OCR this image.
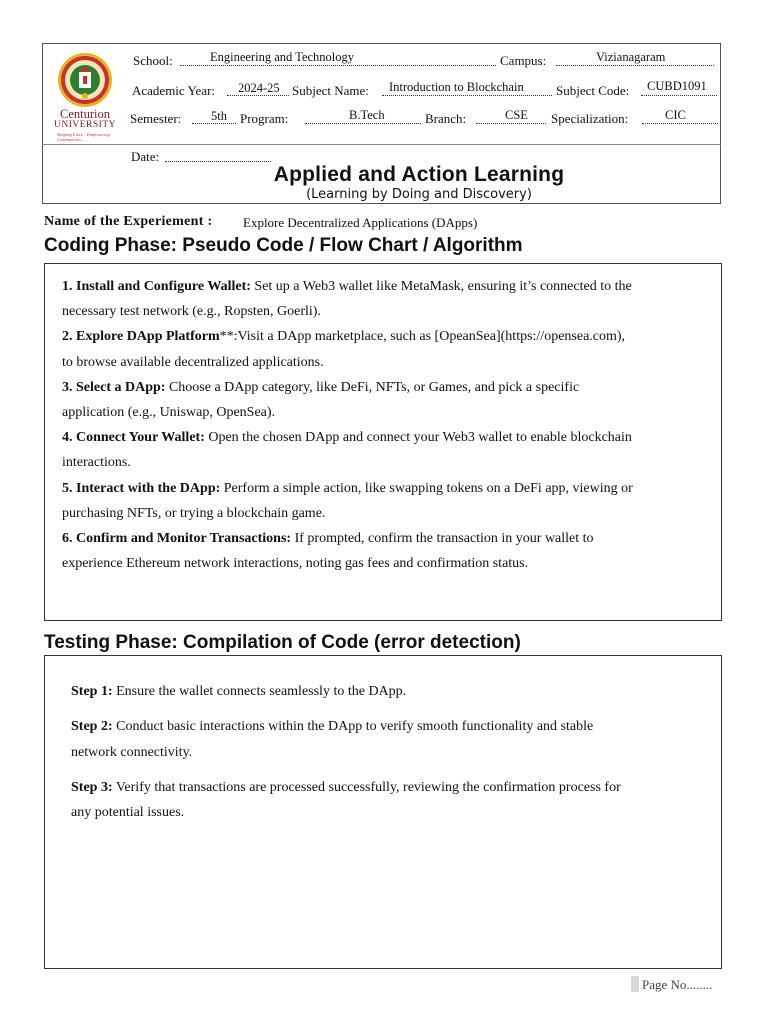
Centurion
UNIVERSITY
Shaping Lives... Empowering Communities...
School:	Engineering and Technology	Campus:	Vizianagaram
Academic Year: 2024-25 Subject Name: Introduction to Blockchain Subject Code: CUBD1091
Semester: 5th Program:	B.Tech	Branch:	CSE Specialization:	CIC
Date:
Applied and Action Learning
(Learning by Doing and Discovery)
Name of the Experiement : Explore Decentralized Applications (DApps)
Coding Phase: Pseudo Code / Flow Chart / Algorithm
1. Install and Configure Wallet: Set up a Web3 wallet like MetaMask, ensuring it’s connected to the
necessary test network (e.g., Ropsten, Goerli).
2. Explore DApp Platform**:Visit a DApp marketplace, such as [OpeanSea](https://opensea.com),
to browse available decentralized applications.
3. Select a DApp: Choose a DApp category, like DeFi, NFTs, or Games, and pick a specific
application (e.g., Uniswap, OpenSea).
4. Connect Your Wallet: Open the chosen DApp and connect your Web3 wallet to enable blockchain
interactions.
5. Interact with the DApp: Perform a simple action, like swapping tokens on a DeFi app, viewing or
purchasing NFTs, or trying a blockchain game.
6. Confirm and Monitor Transactions: If prompted, confirm the transaction in your wallet to
experience Ethereum network interactions, noting gas fees and confirmation status.
Testing Phase: Compilation of Code (error detection)
Step 1: Ensure the wallet connects seamlessly to the DApp.
Step 2: Conduct basic interactions within the DApp to verify smooth functionality and stable
network connectivity.
Step 3: Verify that transactions are processed successfully, reviewing the confirmation process for
any potential issues.
Page No........
